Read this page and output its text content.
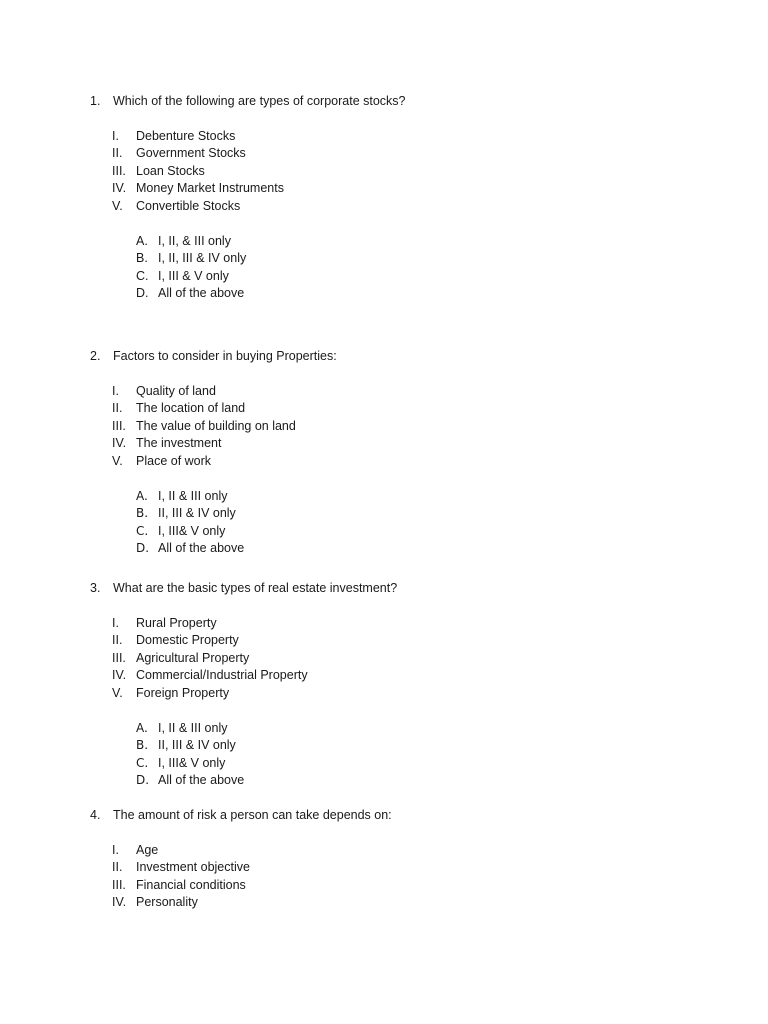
1. Which of the following are types of corporate stocks?
I. Debenture Stocks
II. Government Stocks
III. Loan Stocks
IV. Money Market Instruments
V. Convertible Stocks
A. I, II, & III only
B. I, II, III & IV only
C. I, III & V only
D. All of the above
2. Factors to consider in buying Properties:
I. Quality of land
II. The location of land
III. The value of building on land
IV. The investment
V. Place of work
A. I, II & III only
B. II, III & IV only
C. I, III& V only
D. All of the above
3. What are the basic types of real estate investment?
I. Rural Property
II. Domestic Property
III. Agricultural Property
IV. Commercial/Industrial Property
V. Foreign Property
A. I, II & III only
B. II, III & IV only
C. I, III& V only
D. All of the above
4. The amount of risk a person can take depends on:
I. Age
II. Investment objective
III. Financial conditions
IV. Personality
